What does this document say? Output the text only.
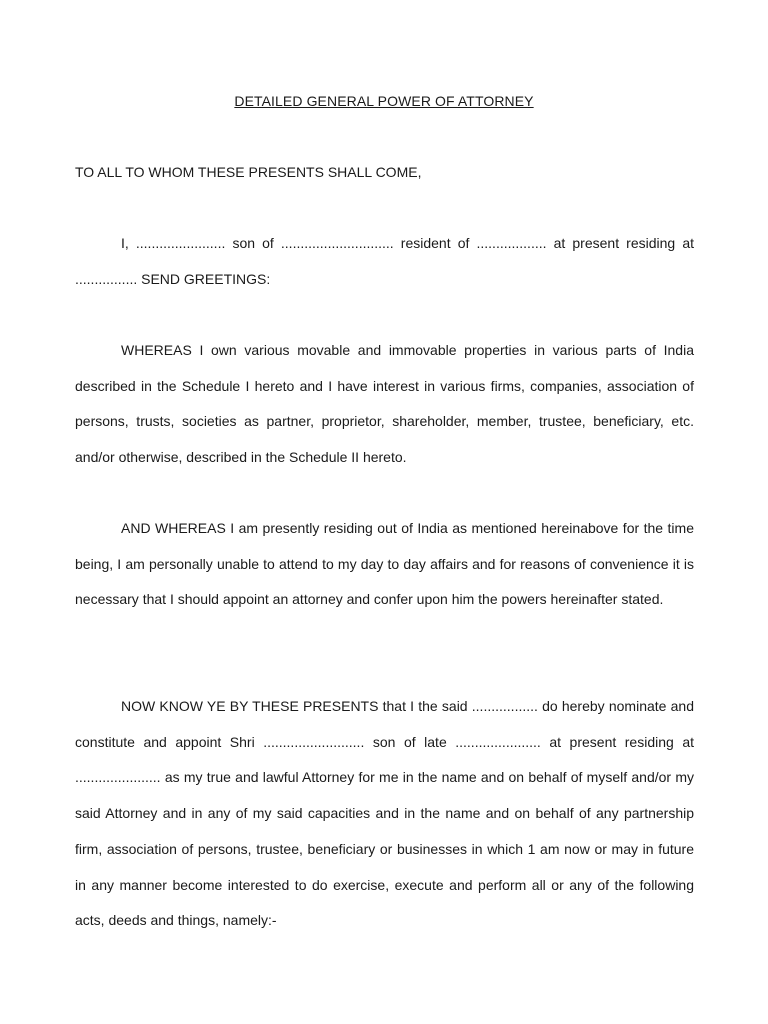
DETAILED GENERAL POWER OF ATTORNEY
TO ALL TO WHOM THESE PRESENTS SHALL COME,

I, ....................... son of ............................. resident of .................. at present residing at ................ SEND GREETINGS:

WHEREAS I own various movable and immovable properties in various parts of India described in the Schedule I hereto and I have interest in various firms, companies, association of persons, trusts, societies as partner, proprietor, shareholder, member, trustee, beneficiary, etc. and/or otherwise, described in the Schedule II hereto.

AND WHEREAS I am presently residing out of India as mentioned hereinabove for the time being, I am personally unable to attend to my day to day affairs and for reasons of convenience it is necessary that I should appoint an attorney and confer upon him the powers hereinafter stated.

NOW KNOW YE BY THESE PRESENTS that I the said ................. do hereby nominate and constitute and appoint Shri .......................... son of late ...................... at present residing at ...................... as my true and lawful Attorney for me in the name and on behalf of myself and/or my said Attorney and in any of my said capacities and in the name and on behalf of any partnership firm, association of persons, trustee, beneficiary or businesses in which 1 am now or may in future in any manner become interested to do exercise, execute and perform all or any of the following acts, deeds and things, namely:-
